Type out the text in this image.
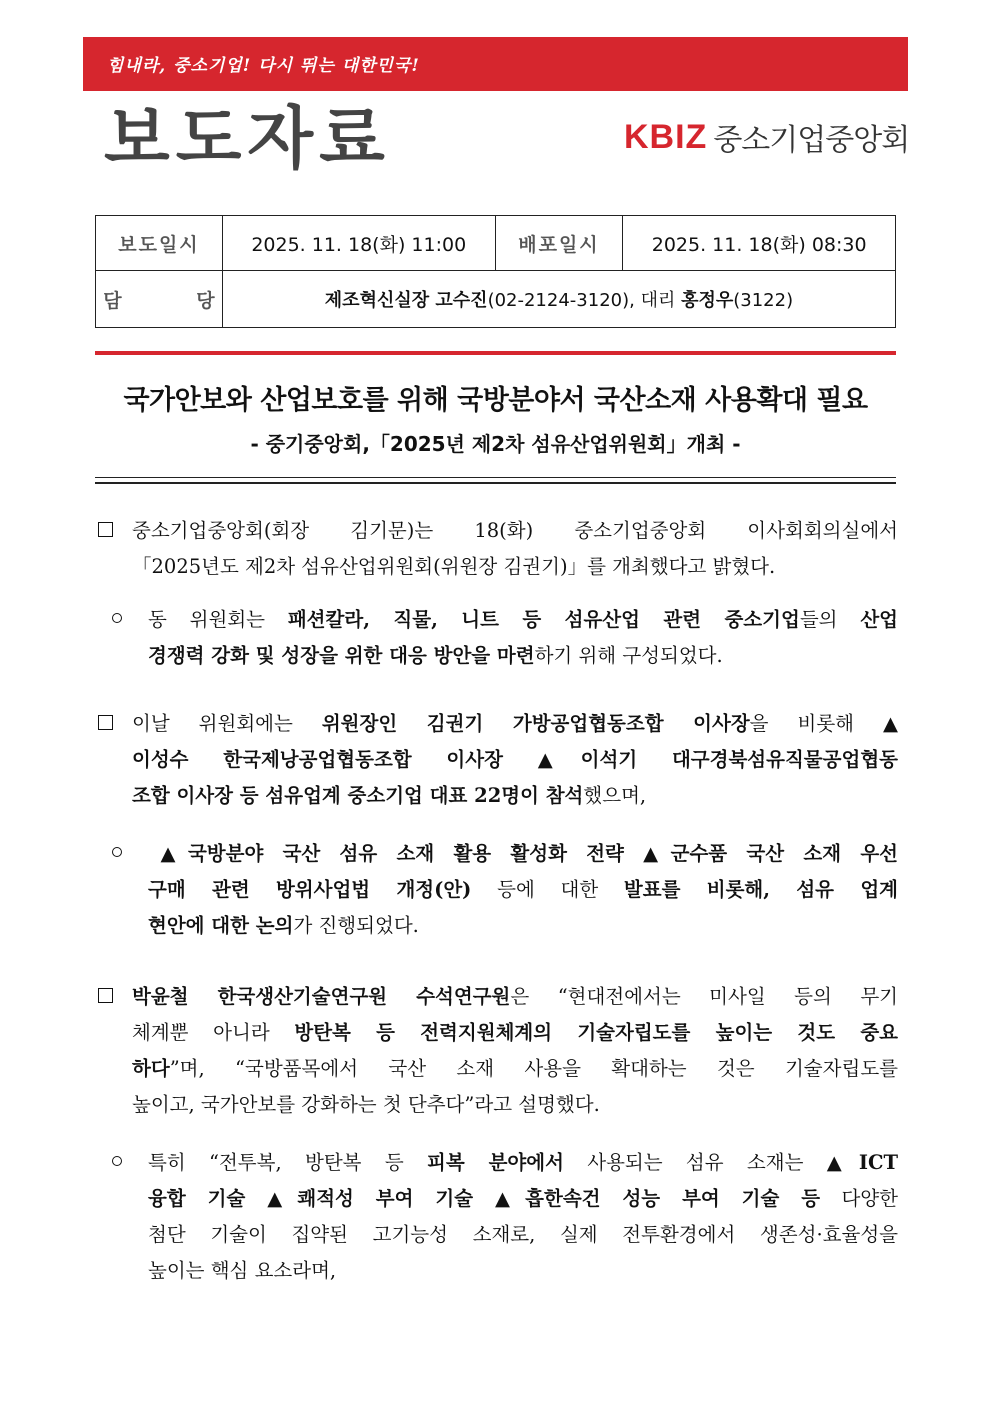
힘내라, 중소기업! 다시 뛰는 대한민국!
보도자료	KBIZ 중소기업중앙회
보도일시	2025. 11. 18(화) 11:00	배포일시	2025. 11. 18(화) 08:30
담 당	제조혁신실장 고수진(02-2124-3120), 대리 홍정우(3122)		
국가안보와 산업보호를 위해 국방분야서 국산소재 사용확대 필요
- 중기중앙회,「2025년 제2차 섬유산업위원회」개최 -
중소기업중앙회(회장 김기문)는 18(화) 중소기업중앙회 이사회회의실에서
「2025년도 제2차 섬유산업위원회(위원장 김권기)」를 개최했다고 밝혔다.
동 위원회는 패션칼라, 직물, 니트 등 섬유산업 관련 중소기업들의 산업
경쟁력 강화 및 성장을 위한 대응 방안을 마련하기 위해 구성되었다.
이날 위원회에는 위원장인 김권기 가방공업협동조합 이사장을 비롯해 ▲
이성수 한국제낭공업협동조합 이사장 ▲이석기 대구경북섬유직물공업협동
조합 이사장 등 섬유업계 중소기업 대표 22명이 참석했으며,
▲국방분야 국산 섬유 소재 활용 활성화 전략 ▲군수품 국산 소재 우선
구매 관련 방위사업법 개정(안) 등에 대한 발표를 비롯해, 섬유 업계
현안에 대한 논의가 진행되었다.
박윤철 한국생산기술연구원 수석연구원은 “현대전에서는 미사일 등의 무기
체계뿐 아니라 방탄복 등 전력지원체계의 기술자립도를 높이는 것도 중요
하다”며, “국방품목에서 국산 소재 사용을 확대하는 것은 기술자립도를
높이고, 국가안보를 강화하는 첫 단추다”라고 설명했다.
특히 “전투복, 방탄복 등 피복 분야에서 사용되는 섬유 소재는 ▲ICT
융합 기술 ▲쾌적성 부여 기술 ▲흡한속건 성능 부여 기술 등 다양한
첨단 기술이 집약된 고기능성 소재로, 실제 전투환경에서 생존성·효율성을
높이는 핵심 요소라며,
